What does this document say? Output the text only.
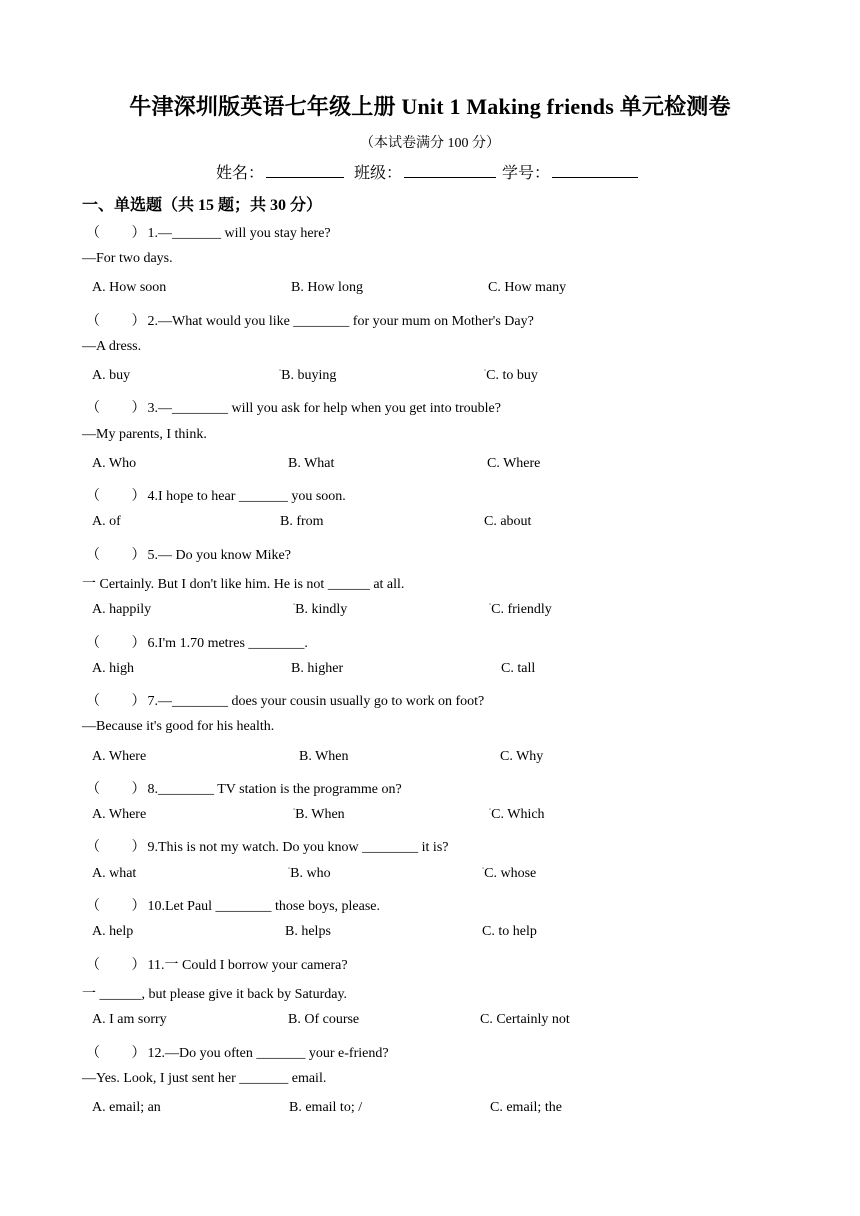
牛津深圳版英语七年级上册 Unit 1 Making friends 单元检测卷
（本试卷满分 100 分）
姓名：	班级：	学号：
一、单选题（共 15 题；共 30 分）
（         ） 1.—_______ will you stay here?
—For two days.
A. How soon	B. How long	C. How many
（         ） 2.—What would you like ________ for your mum on Mother's Day?
—A dress.
A. buy	▫B. buying	▫C. to buy
（         ） 3.—________ will you ask for help when you get into trouble?
—My parents, I think.
A. Who	B. What	C. Where
（         ） 4.I hope to hear _______ you soon.
A. of	B. from	C. about
（         ） 5.— Do you know Mike?
一 Certainly. But I don't like him. He is not ______ at all.
A. happily	▫B. kindly	▫C. friendly
（         ） 6.I'm 1.70 metres ________.
A. high	B. higher	C. tall
（         ） 7.—________ does your cousin usually go to work on foot?
—Because it's good for his health.
A. Where	B. When	C. Why
（         ） 8.________ TV station is the programme on?
A. Where	▫B. When	▫C. Which
（         ） 9.This is not my watch. Do you know ________ it is?
A. what	▫B. who	▫C. whose
（         ） 10.Let Paul ________ those boys, please.
A. help	B. helps	C. to help
（         ） 11.一 Could I borrow your camera?
一 ______, but please give it back by Saturday.
A. I am sorry	B. Of course	C. Certainly not
（         ） 12.—Do you often _______ your e-friend?
—Yes. Look, I just sent her _______ email.
A. email; an	B. email to; /	C. email; the
